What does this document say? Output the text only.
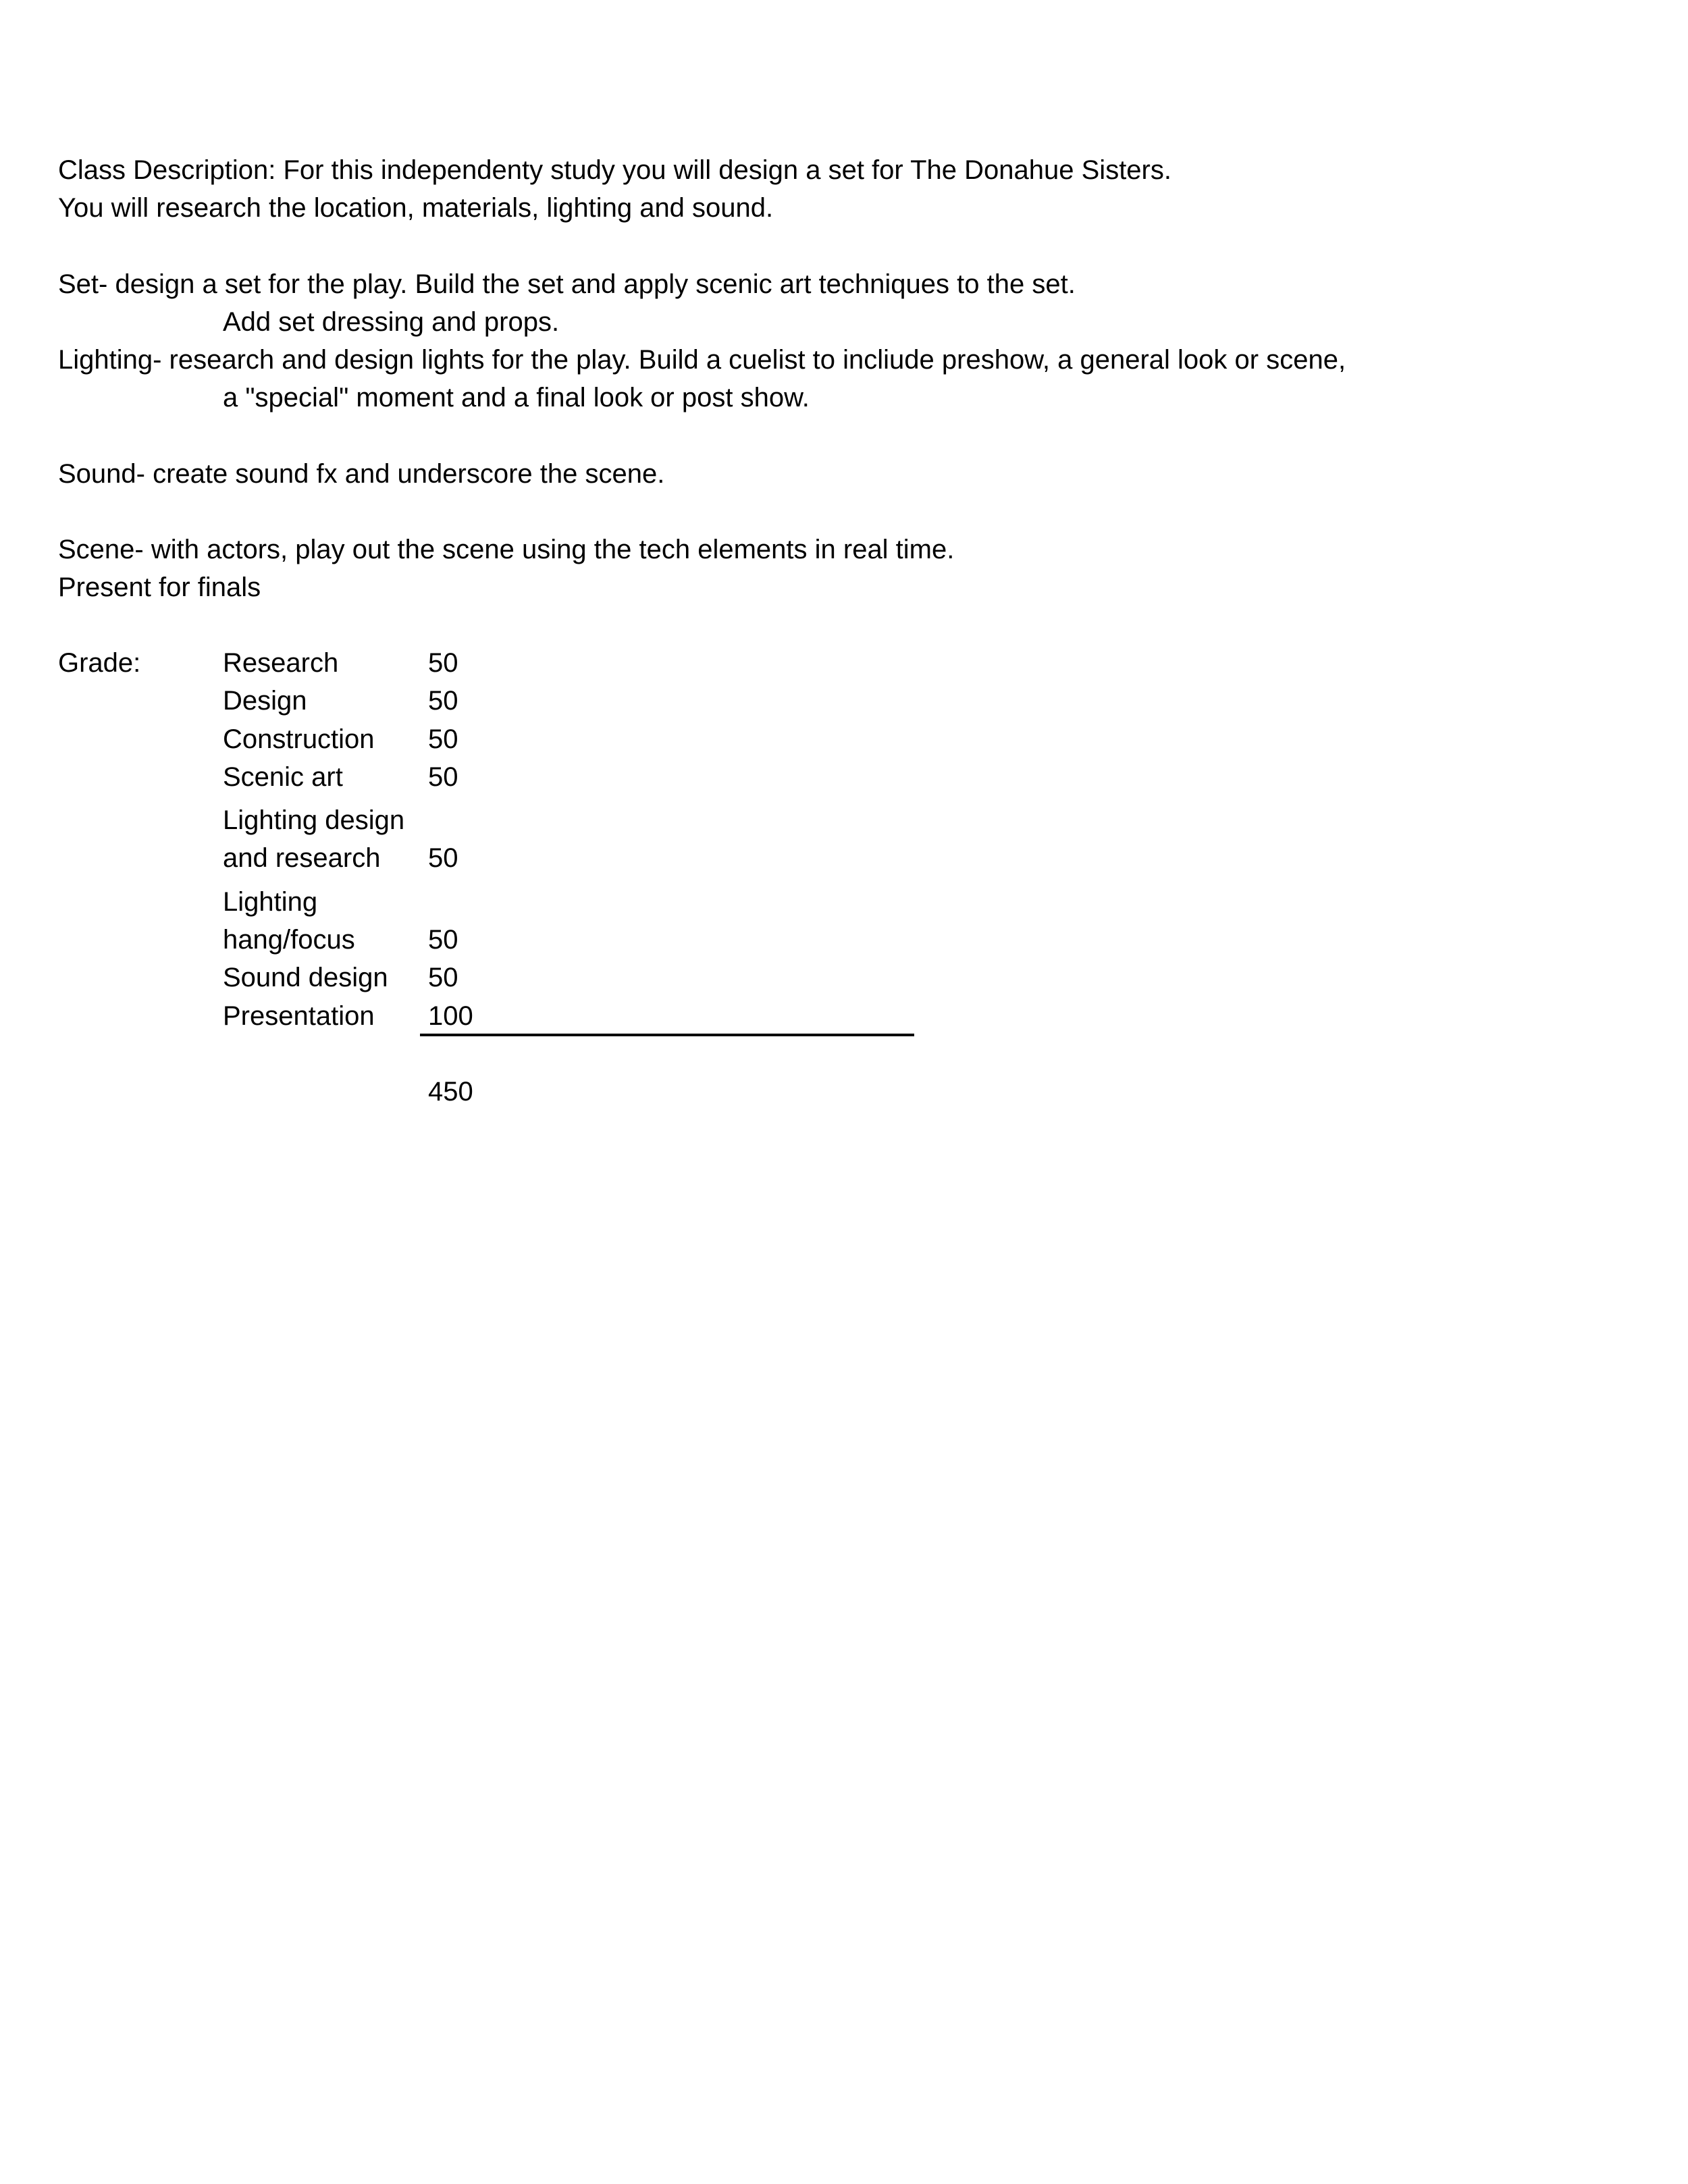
Class Description: For this independenty study you will design a set for The Donahue Sisters.
You will research the location, materials, lighting and sound.
Set- design a set for the play. Build the set and apply scenic art techniques to the set.
Add set dressing and props.
Lighting- research and design lights for the play. Build a cuelist to incliude preshow, a general look or scene,
a "special" moment and a final look or post show.
Sound- create sound fx and underscore the scene.
Scene- with actors, play out the scene using the tech elements in real time.
Present for finals
Grade:	Research	50
Design	50
Construction 50
Scenic art	50
Lighting design
and research 50
Lighting
hang/focus	50
Sound design 50
Presentation 100
450
